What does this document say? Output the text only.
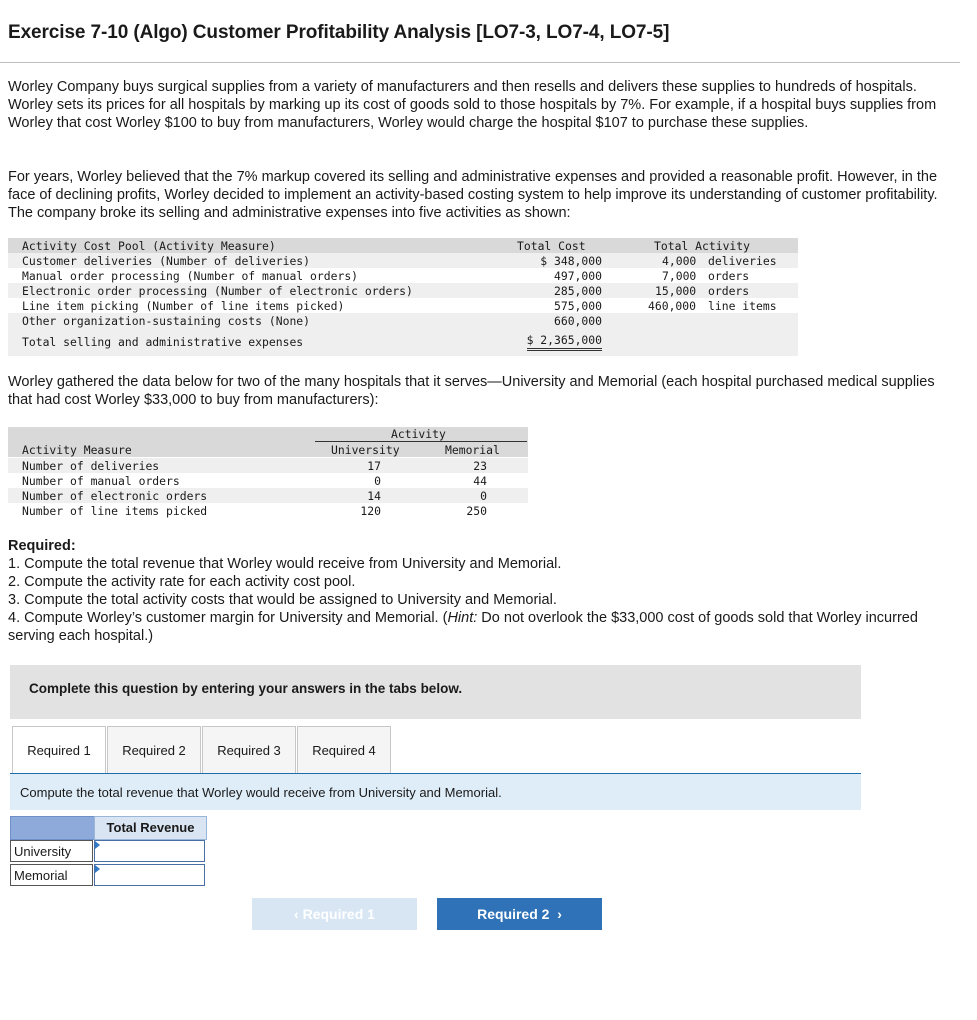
Exercise 7-10 (Algo) Customer Profitability Analysis [LO7-3, LO7-4, LO7-5]

Worley Company buys surgical supplies from a variety of manufacturers and then resells and delivers these supplies to hundreds of hospitals. Worley sets its prices for all hospitals by marking up its cost of goods sold to those hospitals by 7%. For example, if a hospital buys supplies from Worley that cost Worley $100 to buy from manufacturers, Worley would charge the hospital $107 to purchase these supplies.

For years, Worley believed that the 7% markup covered its selling and administrative expenses and provided a reasonable profit. However, in the face of declining profits, Worley decided to implement an activity-based costing system to help improve its understanding of customer profitability. The company broke its selling and administrative expenses into five activities as shown:

Activity Cost Pool (Activity Measure)	Total Cost	Total Activity
Customer deliveries (Number of deliveries)	$ 348,000	4,000 deliveries
Manual order processing (Number of manual orders)	497,000	7,000 orders
Electronic order processing (Number of electronic orders)	285,000	15,000 orders
Line item picking (Number of line items picked)	575,000	460,000 line items
Other organization-sustaining costs (None)	660,000
Total selling and administrative expenses	$ 2,365,000

Worley gathered the data below for two of the many hospitals that it serves—University and Memorial (each hospital purchased medical supplies that had cost Worley $33,000 to buy from manufacturers):

Activity
Activity Measure	University	Memorial
Number of deliveries	17	23
Number of manual orders	0	44
Number of electronic orders	14	0
Number of line items picked	120	250
Required:
1. Compute the total revenue that Worley would receive from University and Memorial.
2. Compute the activity rate for each activity cost pool.
3. Compute the total activity costs that would be assigned to University and Memorial.
4. Compute Worley’s customer margin for University and Memorial. (Hint: Do not overlook the $33,000 cost of goods sold that Worley incurred serving each hospital.)
Complete this question by entering your answers in the tabs below.
Required 1	Required 2	Required 3	Required 4
Compute the total revenue that Worley would receive from University and Memorial.
Total Revenue
University
Memorial
‹ Required 1	Required 2  ›
